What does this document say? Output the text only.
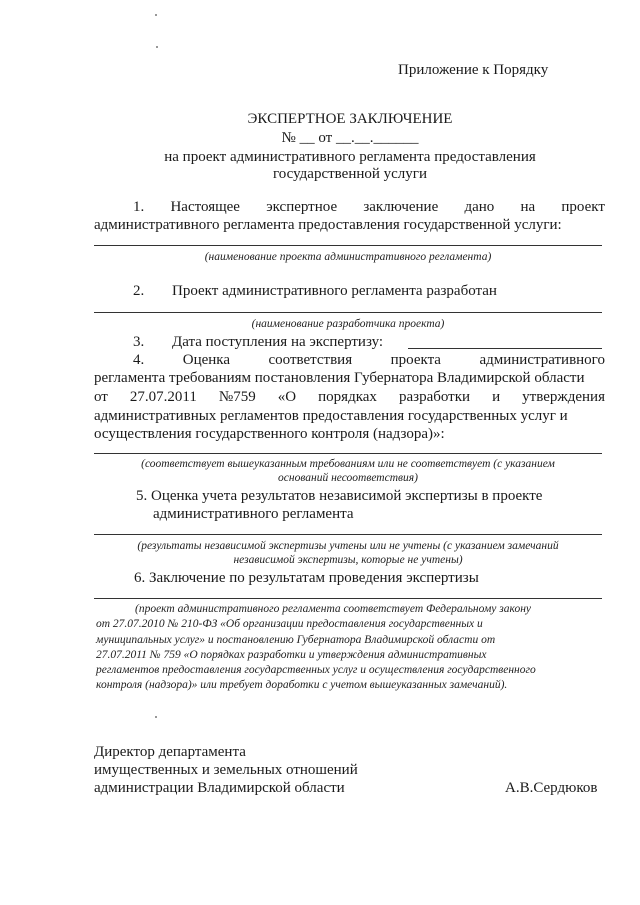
Приложение к Порядку
ЭКСПЕРТНОЕ ЗАКЛЮЧЕНИЕ
№ __ от __.__.______
на проект административного регламента предоставления
государственной услуги
1. Настоящее экспертное заключение дано на проект
административного регламента предоставления государственной услуги:
(наименование проекта административного регламента)
2. Проект административного регламента разработан
(наименование разработчика проекта)
3. Дата поступления на экспертизу:
4.	Оценка	соответствия	проекта	административного
регламента требованиям постановления Губернатора Владимирской области
от 27.07.2011 №759 «О порядках разработки и утверждения
административных регламентов предоставления государственных услуг и
осуществления государственного контроля (надзора)»:
(соответствует вышеуказанным требованиям или не соответствует (с указанием
оснований несоответствия)
5. Оценка учета результатов независимой экспертизы в проекте
административного регламента
(результаты независимой экспертизы учтены или не учтены (с указанием замечаний
независимой экспертизы, которые не учтены)
6. Заключение по результатам проведения экспертизы
(проект административного регламента соответствует Федеральному закону
от 27.07.2010 № 210-ФЗ «Об организации предоставления государственных и
муниципальных услуг» и постановлению Губернатора Владимирской области от
27.07.2011 № 759 «О порядках разработки и утверждения административных
регламентов предоставления государственных услуг и осуществления государственного
контроля (надзора)» или требует доработки с учетом вышеуказанных замечаний).
Директор департамента
имущественных и земельных отношений
администрации Владимирской области	А.В.Сердюков
